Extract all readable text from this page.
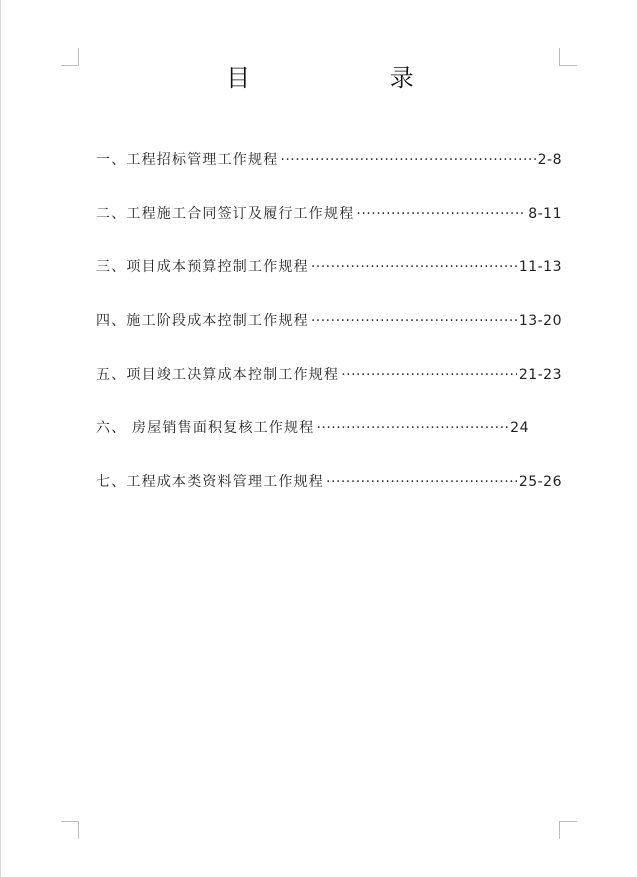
目 录
一、工程招标管理工作规程 ·····	2-8
二、工程施工合同签订及履行工作规程 ·····	8-11
三、项目成本预算控制工作规程 ·····	11-13
四、施工阶段成本控制工作规程 ·····	13-20
五、项目竣工决算成本控制工作规程 ·····	21-23
六、 房屋销售面积复核工作规程 ·····	24
七、工程成本类资料管理工作规程 ·····	25-26
